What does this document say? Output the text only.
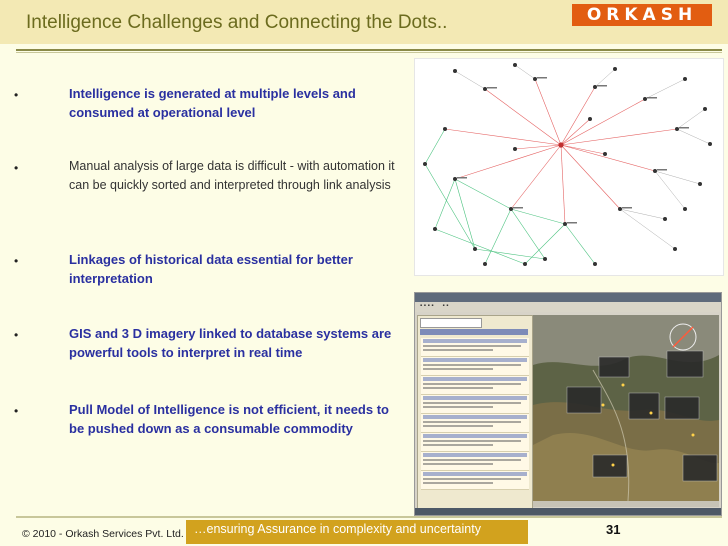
Intelligence Challenges and Connecting the Dots..	ORKASH
•	Intelligence is generated at multiple levels and consumed at operational level
•	Manual analysis of large data is difficult - with automation it can be quickly sorted and interpreted through link analysis
•	Linkages of historical data essential for better interpretation
•	GIS and 3 D imagery linked to database systems are powerful tools to interpret in real time
•	Pull Model of Intelligence is not efficient, it needs to be pushed down as a consumable commodity
▪ ▪ ▪ ▪ ▪ ▪
© 2010 - Orkash Services Pvt. Ltd. …ensuring Assurance in complexity and uncertainty	31
